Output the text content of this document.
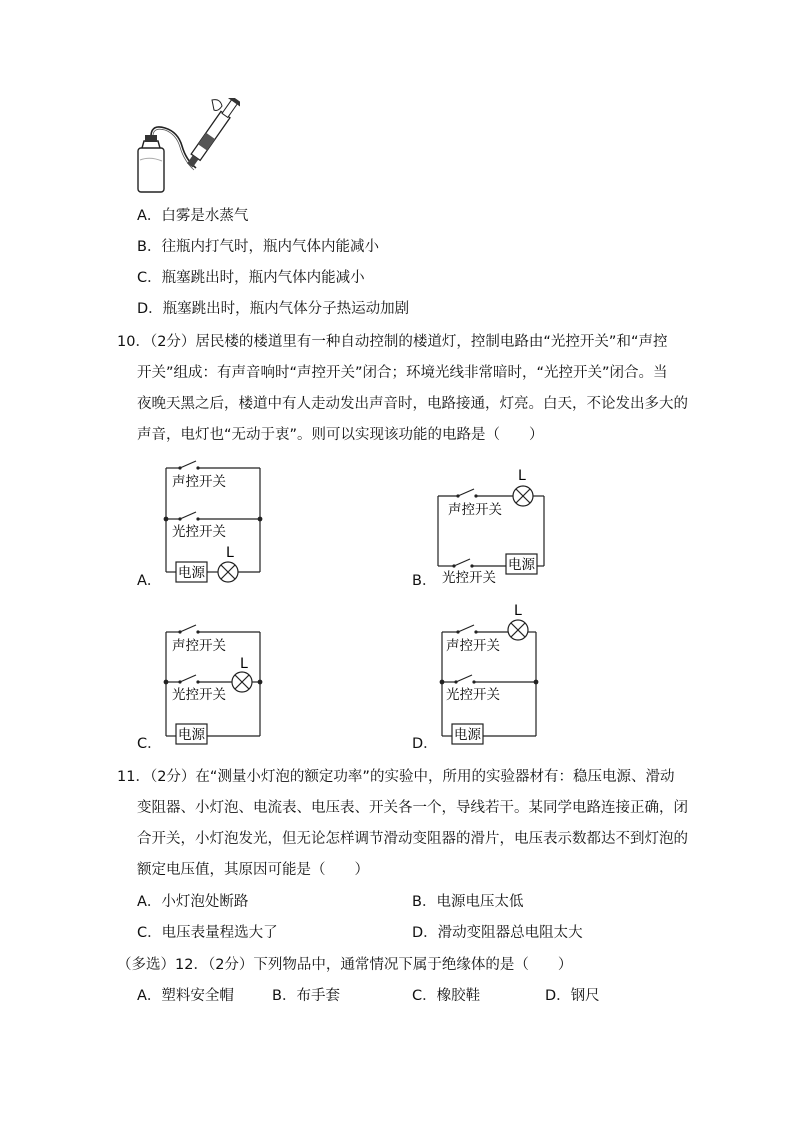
A．白雾是水蒸气
B．往瓶内打气时，瓶内气体内能减小
C．瓶塞跳出时，瓶内气体内能减小
D．瓶塞跳出时，瓶内气体分子热运动加剧
10．（2分）居民楼的楼道里有一种自动控制的楼道灯，控制电路由“光控开关”和“声控
开关”组成：有声音响时“声控开关”闭合；环境光线非常暗时，“光控开关”闭合。当
夜晚天黑之后，楼道中有人走动发出声音时，电路接通，灯亮。白天，不论发出多大的
声音，电灯也“无动于衷”。则可以实现该功能的电路是（　　）
A．
声控开关
光控开关
电源
L
B．
L
声控开关
电源
光控开关
C．
声控开关
L
光控开关
电源
D．
L
声控开关
光控开关
电源
11．（2分）在“测量小灯泡的额定功率”的实验中，所用的实验器材有：稳压电源、滑动
变阻器、小灯泡、电流表、电压表、开关各一个，导线若干。某同学电路连接正确，闭
合开关，小灯泡发光，但无论怎样调节滑动变阻器的滑片，电压表示数都达不到灯泡的
额定电压值，其原因可能是（　　）
A．小灯泡处断路	B．电源电压太低
C．电压表量程选大了	D．滑动变阻器总电阻太大
（多选）12．（2分）下列物品中，通常情况下属于绝缘体的是（　　）
A．塑料安全帽	B．布手套	C．橡胶鞋	D．钢尺
